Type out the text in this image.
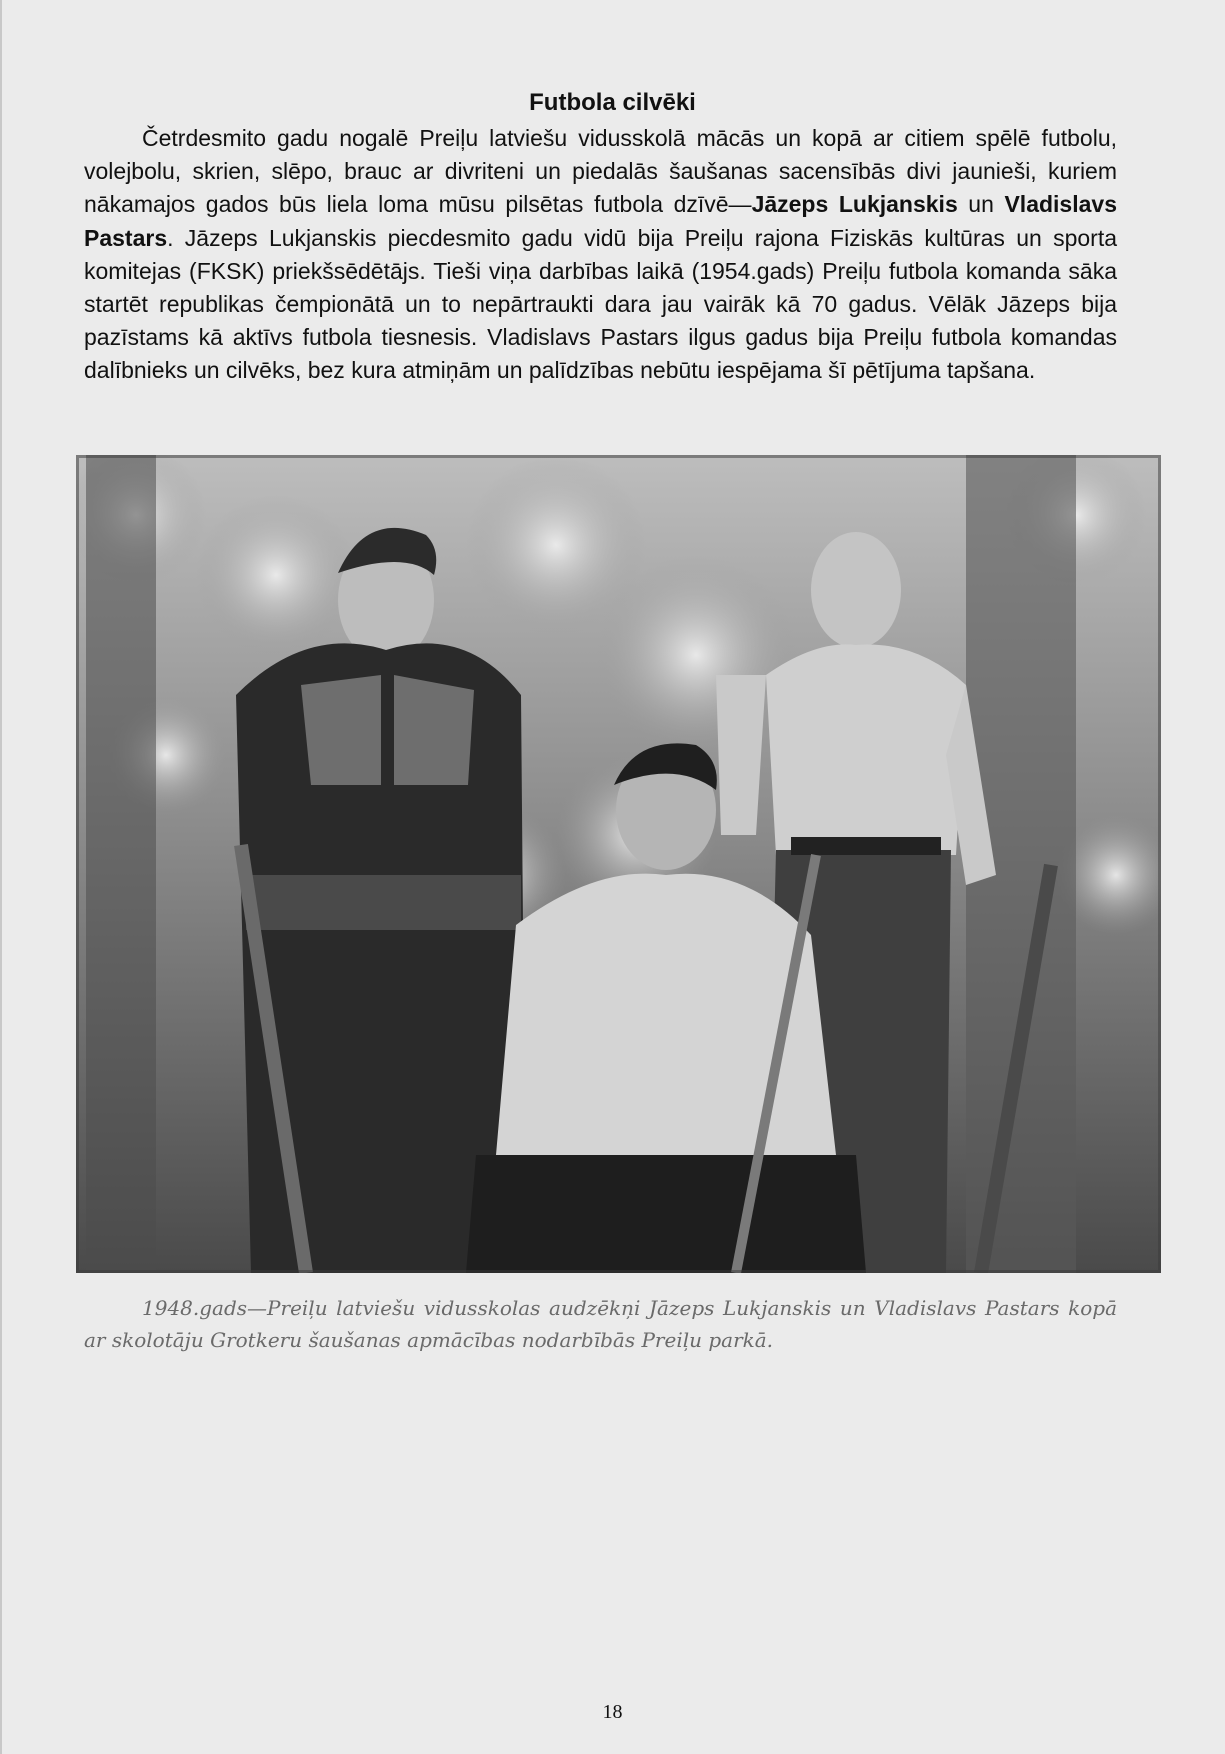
Futbola cilvēki

Četrdesmito gadu nogalē Preiļu latviešu vidusskolā mācās un kopā ar citiem spēlē futbolu, volejbolu, skrien, slēpo, brauc ar divriteni un piedalās šaušanas sacensībās divi jaunieši, kuriem nākamajos gados būs liela loma mūsu pilsētas futbola dzīvē—Jāzeps Lukjanskis un Vladislavs Pastars. Jāzeps Lukjanskis piecdesmito gadu vidū bija Preiļu rajona Fiziskās kultūras un sporta komitejas (FKSK) priekšsēdētājs. Tieši viņa darbības laikā (1954.gads) Preiļu futbola komanda sāka startēt republikas čempionātā un to nepārtraukti dara jau vairāk kā 70 gadus. Vēlāk Jāzeps bija pazīstams kā aktīvs futbola tiesnesis. Vladislavs Pastars ilgus gadus bija Preiļu futbola komandas dalībnieks un cilvēks, bez kura atmiņām un palīdzības nebūtu iespējama šī pētījuma tapšana.

1948.gads—Preiļu latviešu vidusskolas audzēkņi Jāzeps Lukjanskis un Vladislavs Pastars kopā ar skolotāju Grotkeru šaušanas apmācības nodarbībās Preiļu parkā.

18
